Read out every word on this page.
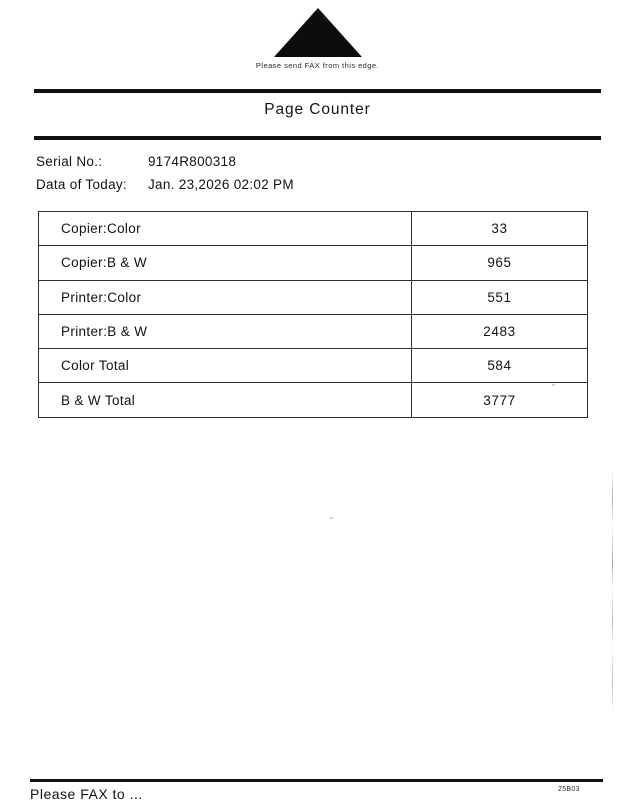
Please send FAX from this edge.
Page Counter
Serial No.:	9174R800318
Data of Today: Jan. 23,2026 02:02 PM
Copier:Color	33
Copier:B & W	965
Printer:Color	551
Printer:B & W	2483
Color Total	584
B & W Total	3777
Please FAX to ...	25B03
